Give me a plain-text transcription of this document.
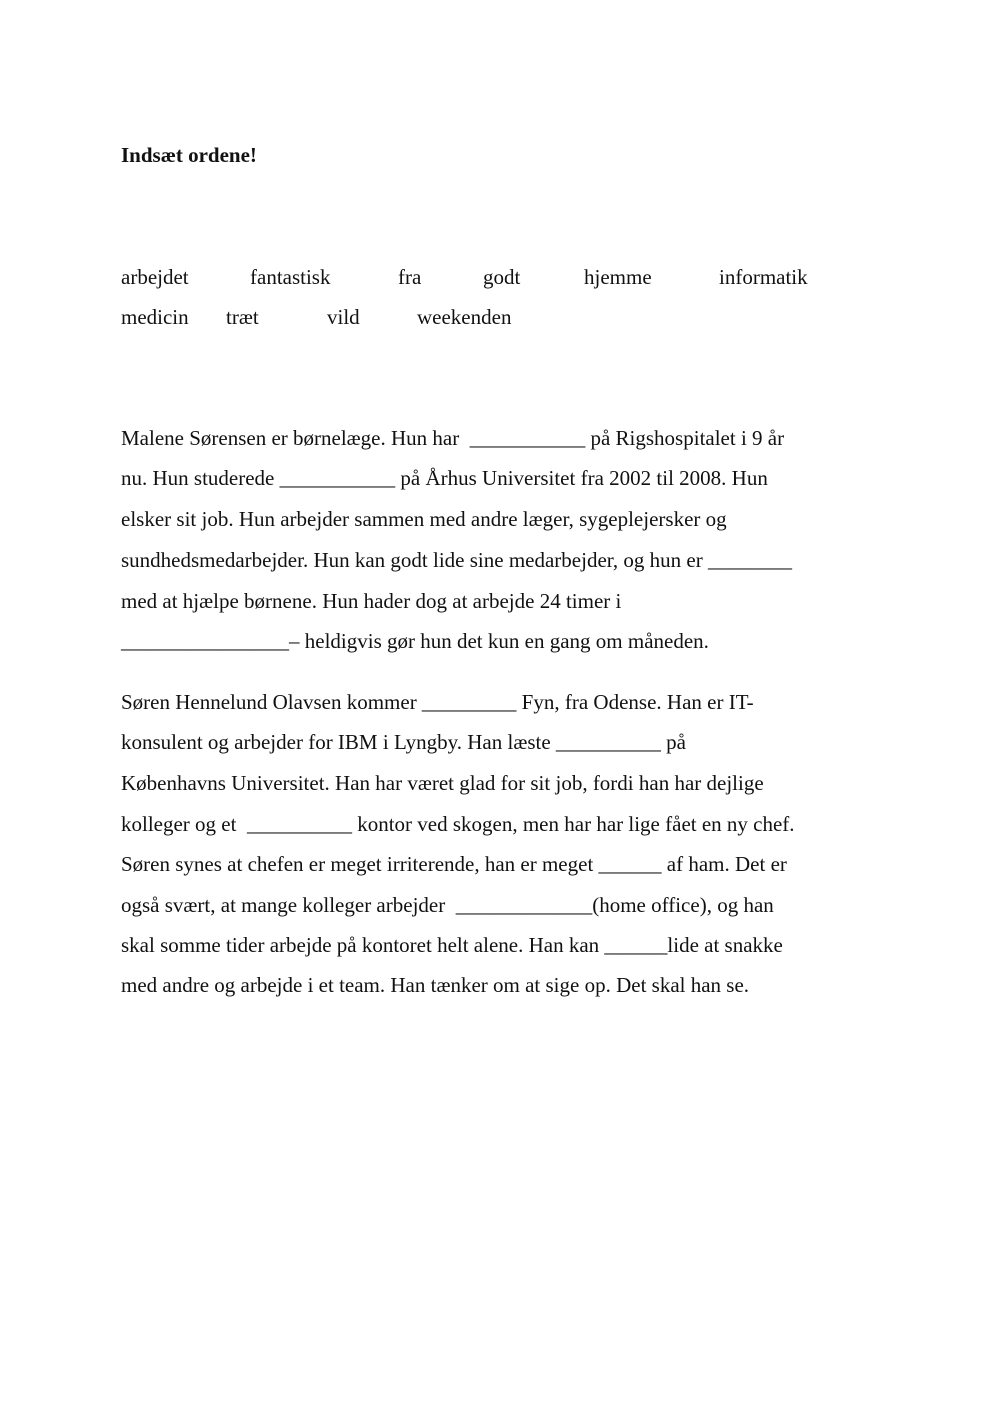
Indsæt ordene!
arbejdet	fantastisk	fra	godt	hjemme	informatik
medicin træt	vild	weekenden
Malene Sørensen er børnelæge. Hun har  ___________ på Rigshospitalet i 9 år
nu. Hun studerede ___________ på Århus Universitet fra 2002 til 2008. Hun
elsker sit job. Hun arbejder sammen med andre læger, sygeplejersker og
sundhedsmedarbejder. Hun kan godt lide sine medarbejder, og hun er ________
med at hjælpe børnene. Hun hader dog at arbejde 24 timer i
________________– heldigvis gør hun det kun en gang om måneden.
Søren Hennelund Olavsen kommer _________ Fyn, fra Odense. Han er IT-
konsulent og arbejder for IBM i Lyngby. Han læste __________ på
Københavns Universitet. Han har været glad for sit job, fordi han har dejlige
kolleger og et  __________ kontor ved skogen, men har har lige fået en ny chef.
Søren synes at chefen er meget irriterende, han er meget ______ af ham. Det er
også svært, at mange kolleger arbejder  _____________(home office), og han
skal somme tider arbejde på kontoret helt alene. Han kan ______lide at snakke
med andre og arbejde i et team. Han tænker om at sige op. Det skal han se.
